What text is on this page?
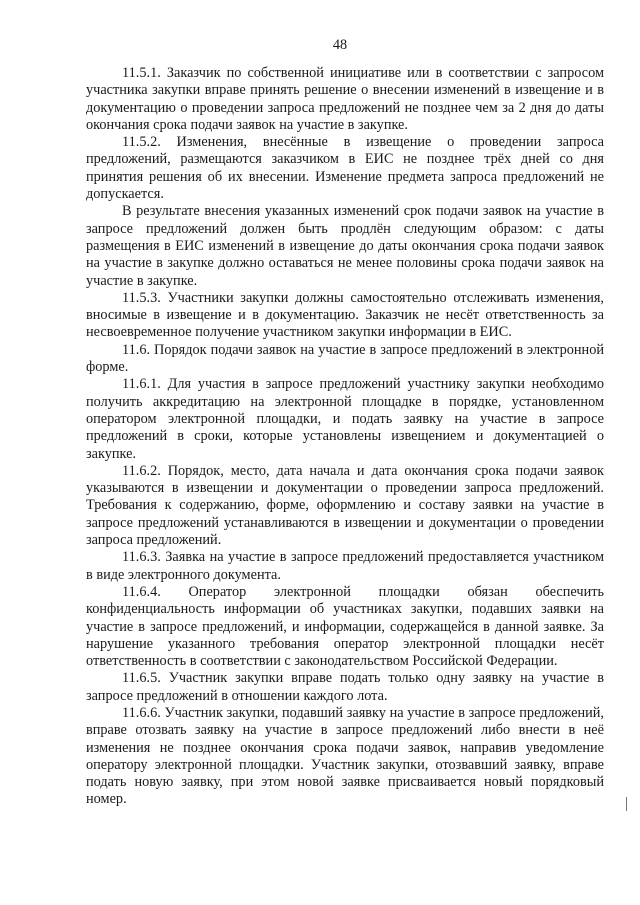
48

11.5.1. Заказчик по собственной инициативе или в соответствии с запросом участника закупки вправе принять решение о внесении изменений в извещение и в документацию о проведении запроса предложений не позднее чем за 2 дня до даты окончания срока подачи заявок на участие в закупке.

11.5.2. Изменения, внесённые в извещение о проведении запроса предложений, размещаются заказчиком в ЕИС не позднее трёх дней со дня принятия решения об их внесении. Изменение предмета запроса предложений не допускается.

В результате внесения указанных изменений срок подачи заявок на участие в запросе предложений должен быть продлён следующим образом: с даты размещения в ЕИС изменений в извещение до даты окончания срока подачи заявок на участие в закупке должно оставаться не менее половины срока подачи заявок на участие в закупке.

11.5.3. Участники закупки должны самостоятельно отслеживать изменения, вносимые в извещение и в документацию. Заказчик не несёт ответственность за несвоевременное получение участником закупки информации в ЕИС.

11.6. Порядок подачи заявок на участие в запросе предложений в электронной форме.

11.6.1. Для участия в запросе предложений участнику закупки необходимо получить аккредитацию на электронной площадке в порядке, установленном оператором электронной площадки, и подать заявку на участие в запросе предложений в сроки, которые установлены извещением и документацией о закупке.

11.6.2. Порядок, место, дата начала и дата окончания срока подачи заявок указываются в извещении и документации о проведении запроса предложений. Требования к содержанию, форме, оформлению и составу заявки на участие в запросе предложений устанавливаются в извещении и документации о проведении запроса предложений.

11.6.3. Заявка на участие в запросе предложений предоставляется участником в виде электронного документа.

11.6.4. Оператор электронной площадки обязан обеспечить конфиденциальность информации об участниках закупки, подавших заявки на участие в запросе предложений, и информации, содержащейся в данной заявке. За нарушение указанного требования оператор электронной площадки несёт ответственность в соответствии с законодательством Российской Федерации.

11.6.5. Участник закупки вправе подать только одну заявку на участие в запросе предложений в отношении каждого лота.

11.6.6. Участник закупки, подавший заявку на участие в запросе предложений, вправе отозвать заявку на участие в запросе предложений либо внести в неё изменения не позднее окончания срока подачи заявок, направив уведомление оператору электронной площадки. Участник закупки, отозвавший заявку, вправе подать новую заявку, при этом новой заявке присваивается новый порядковый номер.
